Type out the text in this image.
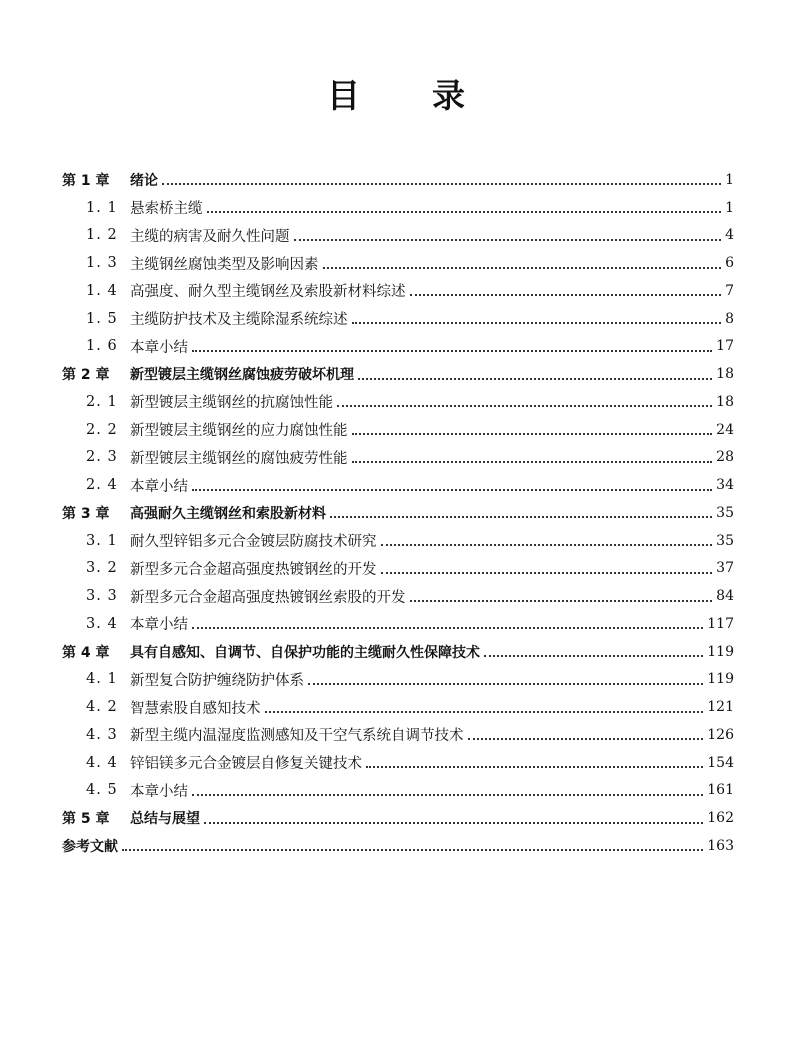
目 录
第 1 章	绪论	1
1. 1 悬索桥主缆	1
1. 2 主缆的病害及耐久性问题	4
1. 3 主缆钢丝腐蚀类型及影响因素	6
1. 4 高强度、耐久型主缆钢丝及索股新材料综述	7
1. 5 主缆防护技术及主缆除湿系统综述	8
1. 6 本章小结	17
第 2 章	新型镀层主缆钢丝腐蚀疲劳破坏机理	18
2. 1 新型镀层主缆钢丝的抗腐蚀性能	18
2. 2 新型镀层主缆钢丝的应力腐蚀性能	24
2. 3 新型镀层主缆钢丝的腐蚀疲劳性能	28
2. 4 本章小结	34
第 3 章	高强耐久主缆钢丝和索股新材料	35
3. 1 耐久型锌铝多元合金镀层防腐技术研究	35
3. 2 新型多元合金超高强度热镀钢丝的开发	37
3. 3 新型多元合金超高强度热镀钢丝索股的开发	84
3. 4 本章小结	117
第 4 章	具有自感知、自调节、自保护功能的主缆耐久性保障技术	119
4. 1 新型复合防护缠绕防护体系	119
4. 2 智慧索股自感知技术	121
4. 3 新型主缆内温湿度监测感知及干空气系统自调节技术	126
4. 4 锌铝镁多元合金镀层自修复关键技术	154
4. 5 本章小结	161
第 5 章	总结与展望	162
参考文献	163
